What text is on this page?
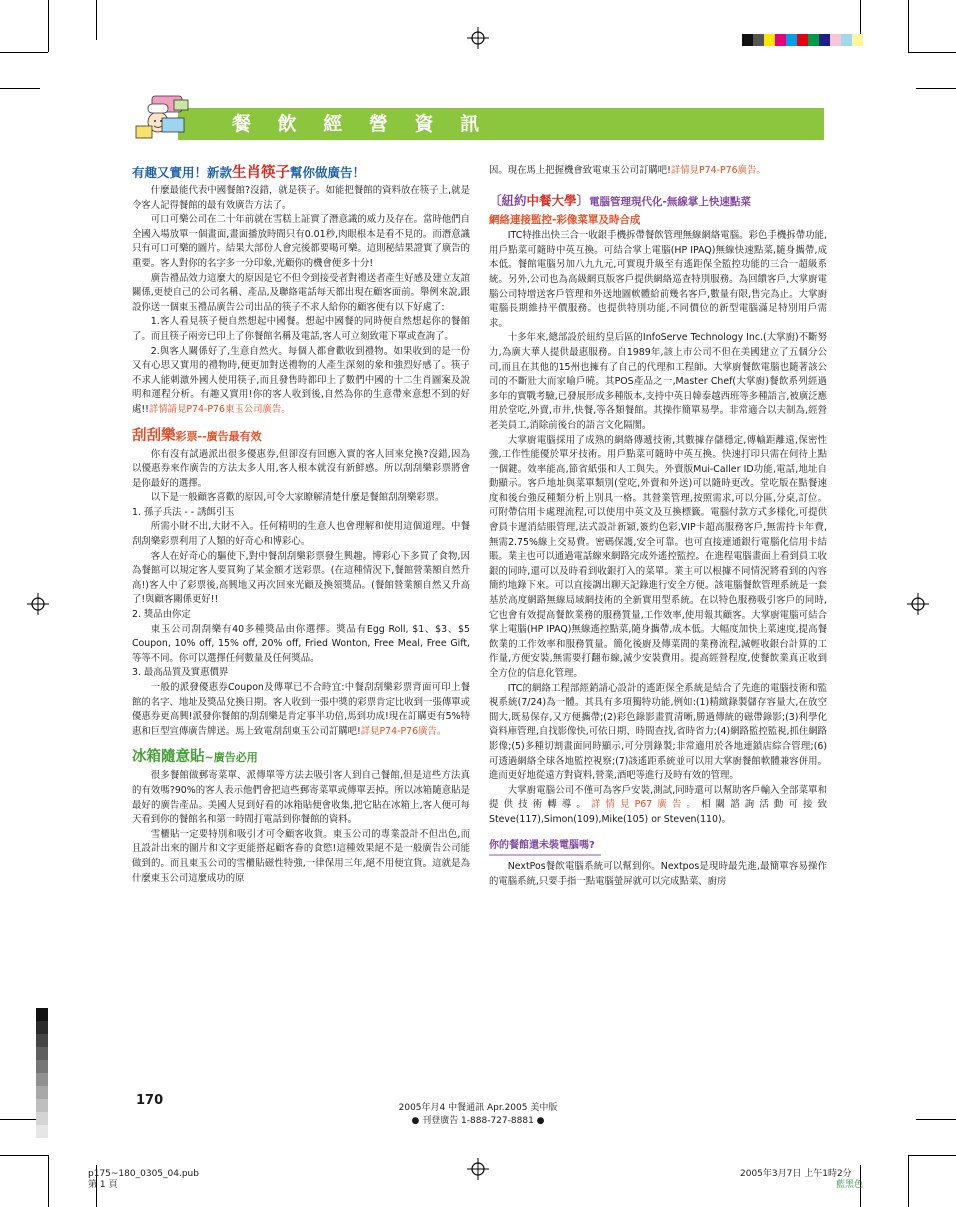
餐 飲 經 營 資 訊
有趣又實用！新款生肖筷子幫你做廣告！

什麼最能代表中國餐館?沒錯，就是筷子。如能把餐館的資料放在筷子上,就是令客人記得餐館的最有效廣告方法了。

可口可樂公司在二十年前就在雪糕上証實了潛意識的威力及存在。當時他們自全國入場放單一個畫面,畫面播放時間只有0.01秒,肉眼根本是看不見的。而潛意識只有可口可樂的圖片。結果大部份人會完後都要喝可樂。這則秘結果證實了廣告的重要。客人對你的名字多一分印象,光顧你的機會便多十分!

廣告禮品效力這麼大的原因是它不但令到接受者對禮送者產生好感及建立友誼關係,更使自己的公司名稱、產品,及聯絡電話每天都出現在顧客面前。舉例來說,跟設你送一個東玉禮品廣告公司出品的筷子不求人給你的顧客便有以下好處了:

1.客人看見筷子便自然想起中國餐。想起中國餐的同時便自然想起你的餐館了。而且筷子兩旁已印上了你餐館名稱及電話,客人可立刻致電下單或查詢了。

2.與客人關係好了,生意自然火。每個人都會歡收到禮物。如果收到的是一份又有心思又實用的禮物時,便更加對送禮物的人產生深刻的象和強烈好感了。筷子不求人能刺激外國人使用筷子,而且發售時都印上了數們中國的十二生肖圖案及說明和運程分析。有趣又實用!你的客人收到後,自然為你的生意帶來意想不到的好處!!詳情請見P74-P76東玉公司廣告。

刮刮樂彩票--廣告最有效

你有沒有試過派出很多優惠券,但卻沒有回應入實的客人回來兌換?沒錯,因為以優惠券來作廣告的方法太多人用,客人根本就沒有新鮮感。所以刮刮樂彩票將會是你最好的選擇。

以下是一般顧客喜歡的原因,可令大家瞭解清楚什麼是餐館刮刮樂彩票。

1. 孫子兵法 - - 誘餌引玉

所需小財不出,大財不入。任何精明的生意人也會理解和使用這個道理。中餐刮刮樂彩票利用了人類的好奇心和博彩心。

客人在好奇心的驅使下,對中餐刮刮樂彩票發生興趣。博彩心下多買了食物,因為餐館可以規定客人要買夠了某金額才送彩票。(在這種情況下,餐館營業額自然升高!)客人中了彩票後,高興地又再次回來光顧及換領獎品。(餐館營業額自然又升高了!與顧客關係更好!!

2. 獎品由你定

東玉公司刮刮樂有40多種獎品由你選擇。獎品有Egg Roll, $1、$3、$5 Coupon, 10% off, 15% off, 20% off, Fried Wonton, Free Meal, Free Gift,等等不同。你可以選擇任何數量及任何獎品。

3. 最高品質及實惠價界

一般的派發優惠券Coupon及傳單已不合時宜:中餐刮刮樂彩票背面可印上餐館的名字、地址及獎品兌換日期。客人收到一張中獎的彩票肯定比收到一張傳單或優惠券更高興!派發你餐館的刮刮樂是肯定事半功倍,馬到功成!現在訂購更有5%特惠和巨型宣傳廣告牌送。馬上致電刮刮東玉公司訂購吧!詳見P74-P76廣告。

冰箱隨意貼~廣告必用

很多餐館做郵寄菜單、派傳單等方法去吸引客人到自己餐館,但是這些方法真的有效嗎?90%的客人表示他們會把這些郵寄菜單或傳單丟掉。所以冰箱隨意貼是最好的廣告產品。美國人見到好看的冰箱貼便會收集,把它貼在冰箱上,客人便可每天看到你的餐館名和第一時間打電話到你餐館的資料。

雪櫃貼一定要特別和吸引才可令顧客收貨。東玉公司的專業設計不但出色,而且設計出來的圖片和文字更能搭起顧客眷的食慾!這種效果絕不是一般廣告公司能做到的。而且東玉公司的雪櫃貼磁性特強,一律保用三年,絕不用便宜貨。這就是為什麼東玉公司這麼成功的原

因。現在馬上把握機會致電東玉公司訂購吧!詳情見P74-P76廣告。

〔紐約中餐大學〕電腦管理現代化-無線掌上快速點菜
網絡連接監控-彩像菜單及時合成

ITC特推出快三合一收銀手機拆帶餐飲管理無線網絡電腦。彩色手機拆帶功能,用戶點菜可隨時中英互換。可結合掌上電腦(HP IPAQ)無線快速點菜,隨身攜帶,成本低。餐館電腦另加八九九元,可實現升級至有遙距保全監控功能的三合一超級系統。另外,公司也為高級網頁版客戶提供網絡巡查特別服務。為回饋客戶,大掌廚電腦公司特增送客戶管理和外送地圖軟體給前幾名客戶,數量有限,售完為止。大掌廚電腦長期維持平價服務。也提供特別功能,不同價位的新型電腦滿足特別用戶需求。

十多年來,總部設於紐約皇后區的InfoServe Technology Inc.(大掌廚)不斷努力,為廣大華人提供最惠服務。自1989年,該上市公司不但在美國建立了五個分公司,而且在其他的15州也擁有了自己的代理和工程師。大掌廚餐飲電腦也隨著該公司的不斷壯大而家喻戶曉。其POS產品之一,Master Chef(大掌廚)餐飲系列經過多年的實戰考驗,已發展形成多種版本,支持中英日韓泰越西班等多種語言,被廣泛應用於堂吃,外賣,市井,快餐,等各類餐館。其操作簡單易學。非常適合以夫制為,經營老美員工,消除前後台的語言文化隔閡。

大掌廚電腦採用了成熟的網絡傳遞技術,其數據存儲穩定,傳輸距離遠,保密性強,工作性能優於單牙技術。用戶點菜可隨時中英互換。快速打印只需在伺待上點一個鍵。效率能高,節省紙張和人工與失。外賣版Mui-Caller ID功能,電話,地址自動顯示。客戶地址與菜單類別(堂吃,外賣和外送)可以隨時更改。堂吃版在點餐速度和後台強反種類分析上別具一格。其營業管理,按照需求,可以分區,分桌,訂位。可附帶信用卡處理流程,可以使用中英文及互換標籤。電腦付款方式多樣化,可提供會員卡遲消結賬管理,法式設計新穎,簽約色彩,VIP卡超高服務客戶,無需持卡年費,無需2.75%線上交易費。密碼保護,安全可靠。也可直接連通銀行電腦化信用卡結賬。業主也可以通過電話線來網路完成外遙控監控。在進程電腦畫面上看到員工收銀的同時,還可以及時看到收銀打入的菜單。業主可以根據不同情況將看到的內容簡約地錄下來。可以直接調出聊天記錄進行安全方便。該電腦餐飲管理系統是一套基於高度網路無線局域網技術的全新實用型系統。在以特色服務吸引客戶的同時,它也會有效提高餐飲業務的服務質量,工作效率,使用報其顧客。大掌廚電腦可結合掌上電腦(HP IPAQ)無線遙控點菜,隨身攜帶,成本低。大幅度加快上菜速度,提高餐飲業的工作效率和服務質量。簡化後廚及傳菜間的業務流程,減輕收銀台計算的工作量,方便安裝,無需要打翻布線,減少安裝費用。提高經營程度,使餐飲業真正收到全方位的信息化管理。

ITC的網絡工程部經銷請心設計的遙距保全系統是結合了先進的電腦技術和監視系統(7/24)為一體。其具有多項獨特功能,例如:(1)精緻錄製儲存容量大,在放空間大,既易保存,又方便攜帶;(2)彩色錄影畫質清晰,勝過傳統的磁帶錄影;(3)利學化資料庫管理,自找影像快,可依日期、時間查找,省時省力;(4)網路監控監視,抓住網路影像;(5)多種切割畫面同時顯示,可分別錄製;非常適用於各地連鎖店綜合管理;(6)可透過網絡全球各地監控視察;(7)該遙距系統並可以用大掌廚餐館軟體兼容併用。進而更好地從遠方對資料,營業,酒吧等進行及時有效的管理。

大掌廚電腦公司不僅可為客戶安裝,測試,同時還可以幫助客戶輸入全部菜單和提供技術轉導。詳情見P67廣告。相關諮詢活動可接致Steve(117),Simon(109),Mike(105) or Steven(110)。

你的餐館還未裝電腦嗎?

NextPos餐飲電腦系統可以幫到你。Nextpos是現時最先進,最簡單容易操作的電腦系統,只要手指一點電腦螢屏就可以完成點菜、廚房

170	2005年月4 中餐通訊 Apr.2005 美中版
● 刊登廣告 1-888-727-8881 ●
p175~180_0305_04.pub
第 1 頁
2005年3月7日 上午1時2分
藍黑色
